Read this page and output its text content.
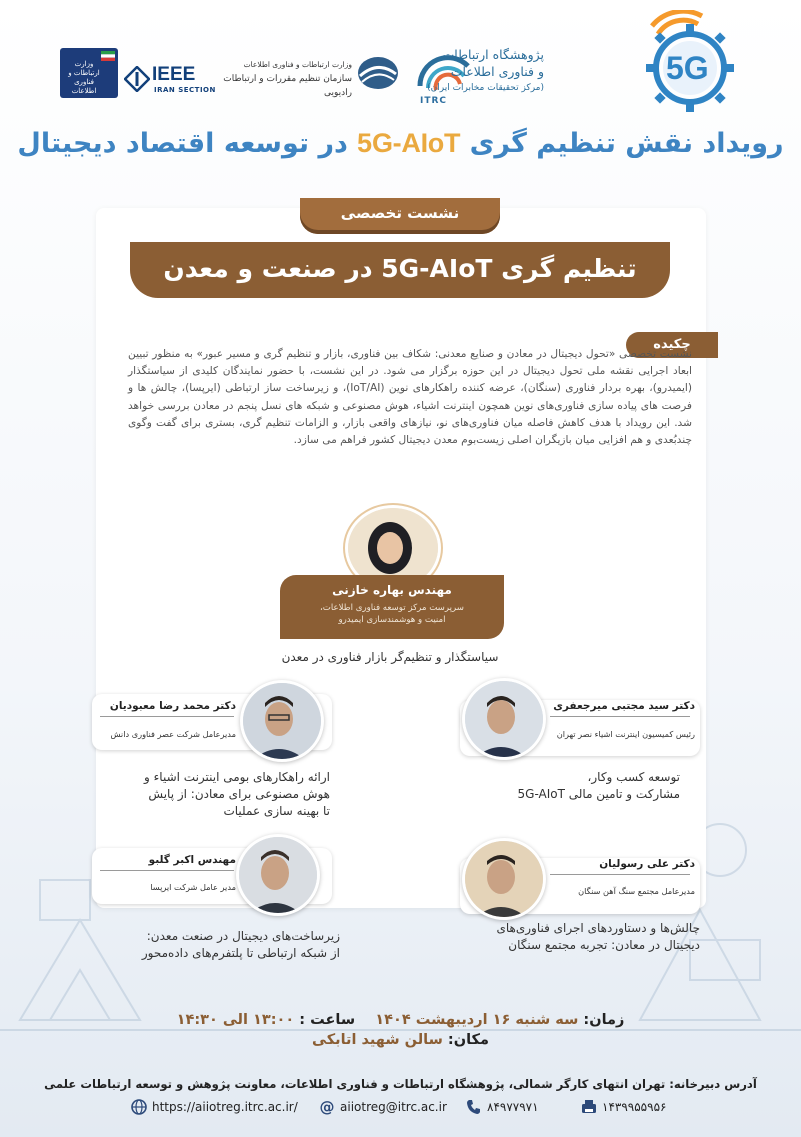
5G
پژوهشگاه ارتباطات
و فناوری اطلاعات
(مرکز تحقیقات مخابرات ایران)
ITRC
وزارت ارتباطات و فناوری اطلاعات
سازمان تنظیم مقررات و ارتباطات رادیویی
IEEE
IRAN SECTION
وزارت ارتباطات و فناوری اطلاعات
رویداد نقش تنظیم گری 5G-AIoT در توسعه اقتصاد دیجیتال
نشست تخصصی
تنظیم گری 5G-AIoT در صنعت و معدن
چکیده
نشست تخصصی «تحول دیجیتال در معادن و صنایع معدنی: شکاف بین فناوری، بازار و تنظیم گری و مسیر عبور» به منظور تبیین ابعاد اجرایی نقشه ملی تحول دیجیتال در این حوزه برگزار می شود. در این نشست، با حضور نمایندگان کلیدی از سیاستگذار (ایمیدرو)، بهره بردار فناوری (سنگان)، عرضه کننده راهکارهای نوین (IoT/AI)، و زیرساخت ساز ارتباطی (ایرپسا)، چالش ها و فرصت های پیاده سازی فناوری‌های نوین همچون اینترنت اشیاء، هوش مصنوعی و شبکه های نسل پنجم در معادن بررسی خواهد شد. این رویداد با هدف کاهش فاصله میان فناوری‌های نو، نیازهای واقعی بازار، و الزامات تنظیم گری، بستری برای گفت وگوی چندبُعدی و هم افزایی میان بازیگران اصلی زیست‌بوم معدن دیجیتال کشور فراهم می سازد.
مهندس بهاره خازنی
سرپرست مرکز توسعه فناوری اطلاعات،
امنیت و هوشمندسازی ایمیدرو
سیاستگذار و تنظیم‌گر بازار فناوری در معدن
دکتر سید مجتبی میرجعفری
رئیس کمیسیون اینترنت اشیاء نصر تهران
توسعه کسب وکار،
مشارکت و تامین مالی 5G-AIoT
دکتر محمد رضا معبودیان
مدیرعامل شرکت عصر فناوری دانش
ارائه راهکارهای بومی اینترنت اشیاء و
هوش مصنوعی برای معادن: از پایش
تا بهینه سازی عملیات
دکتر علی رسولیان
مدیرعامل مجتمع سنگ آهن سنگان
چالش‌ها و دستاوردهای اجرای فناوری‌های
دیجیتال در معادن: تجربه مجتمع سنگان
مهندس اکبر گلبو
مدیر عامل شرکت ایرپسا
زیرساخت‌های دیجیتال در صنعت معدن:
از شبکه ارتباطی تا پلتفرم‌های داده‌محور
زمان: سه شنبه ۱۶ اردیبهشت ۱۴۰۴    ساعت : ۱۳:۰۰ الی ۱۴:۳۰
مکان: سالن شهید اتابکی
آدرس دبیرخانه: تهران انتهای کارگر شمالی، پژوهشگاه ارتباطات و فناوری اطلاعات، معاونت پژوهش و توسعه ارتباطات علمی
۱۴۳۹۹۵۵۹۵۶
۸۴۹۷۷۹۷۱
@ aiiotreg@itrc.ac.ir
https://aiiotreg.itrc.ac.ir/
